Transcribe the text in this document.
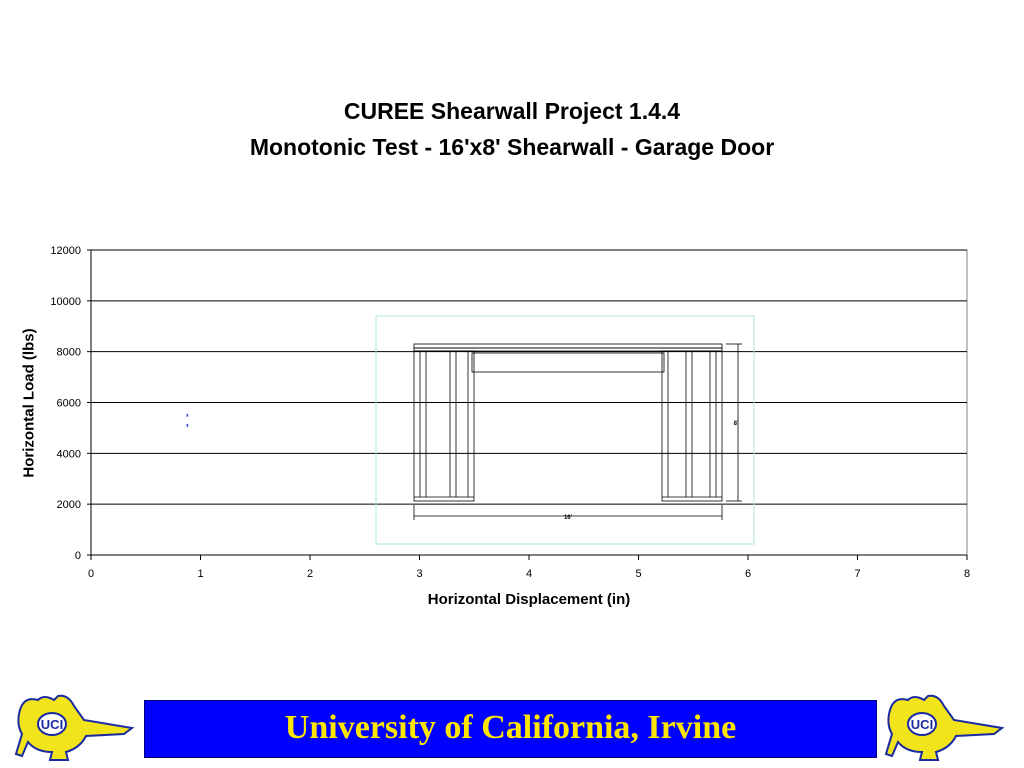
CUREE Shearwall Project 1.4.4
Monotonic Test - 16'x8' Shearwall - Garage Door
0
2000
4000
6000
8000
10000
12000
0	1	2	3	4	5	6	7	8
16'
8'
Horizontal Load (lbs)
Horizontal Displacement (in)
UCI	University of California, Irvine	UCI
